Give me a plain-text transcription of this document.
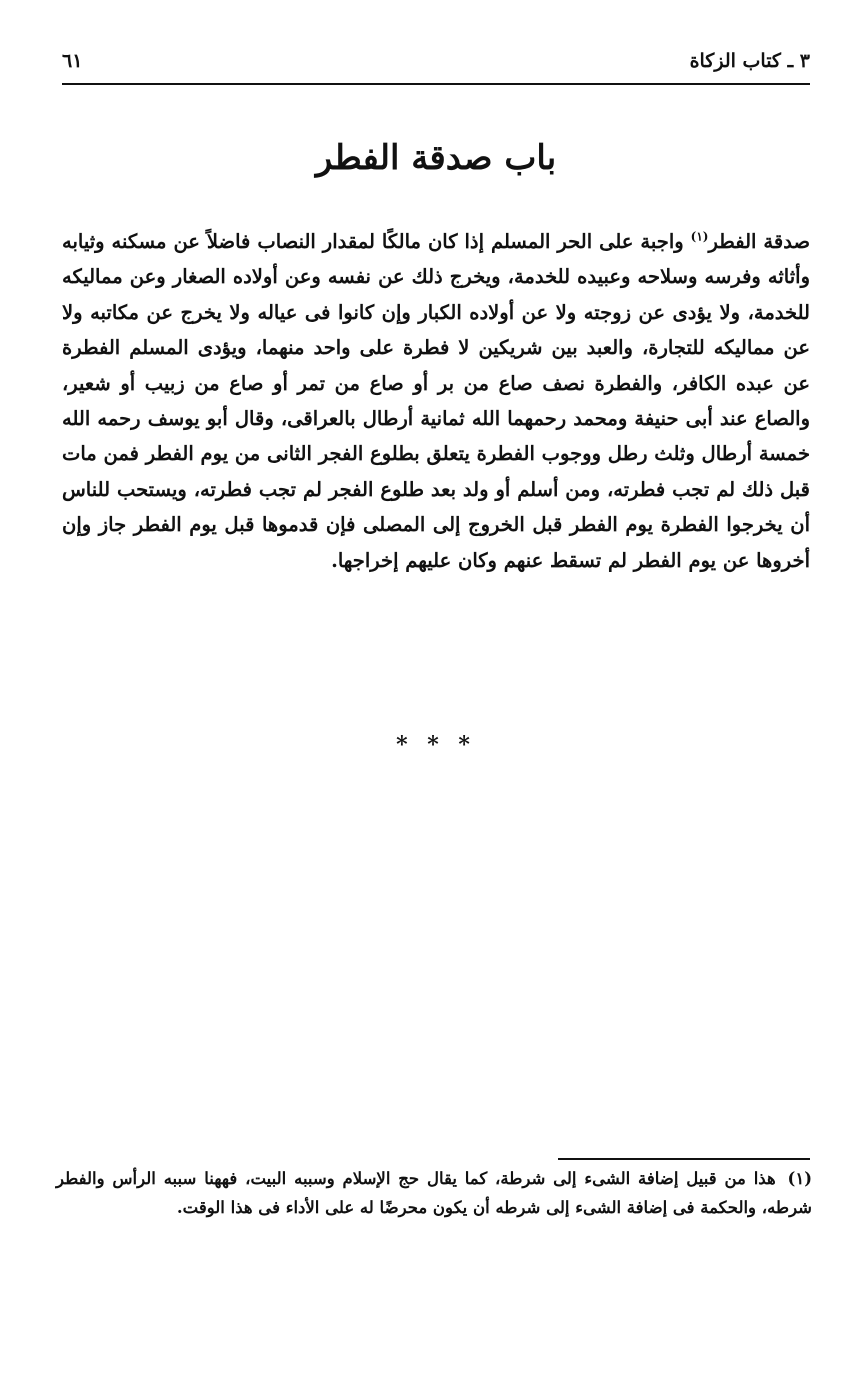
٣ ـ كتاب الزكاة
٦١
باب صدقة الفطر

صدقة الفطر$^{(١)}$ واجبة على الحر المسلم إذا كان مالكًا لمقدار النصاب فاضلاً عن مسكنه وثيابه وأثاثه وفرسه وسلاحه وعبيده للخدمة، ويخرج ذلك عن نفسه وعن أولاده الصغار وعن مماليكه للخدمة، ولا يؤدى عن زوجته ولا عن أولاده الكبار وإن كانوا فى عياله ولا يخرج عن مكاتبه ولا عن مماليكه للتجارة، والعبد بين شريكين لا فطرة على واحد منهما، ويؤدى المسلم الفطرة عن عبده الكافر، والفطرة نصف صاع من بر أو صاع من تمر أو صاع من زبيب أو شعير، والصاع عند أبى حنيفة ومحمد رحمهما الله ثمانية أرطال بالعراقى، وقال أبو يوسف رحمه الله خمسة أرطال وثلث رطل ووجوب الفطرة يتعلق بطلوع الفجر الثانى من يوم الفطر فمن مات قبل ذلك لم تجب فطرته، ومن أسلم أو ولد بعد طلوع الفجر لم تجب فطرته، ويستحب للناس أن يخرجوا الفطرة يوم الفطر قبل الخروج إلى المصلى فإن قدموها قبل يوم الفطر جاز وإن أخروها عن يوم الفطر لم تسقط عنهم وكان عليهم إخراجها.

* * *

(١) هذا من قبيل إضافة الشىء إلى شرطة، كما يقال حج الإسلام وسببه البيت، فههنا سببه الرأس والفطر شرطه، والحكمة فى إضافة الشىء إلى شرطه أن يكون محرضًا له على الأداء فى هذا الوقت.
